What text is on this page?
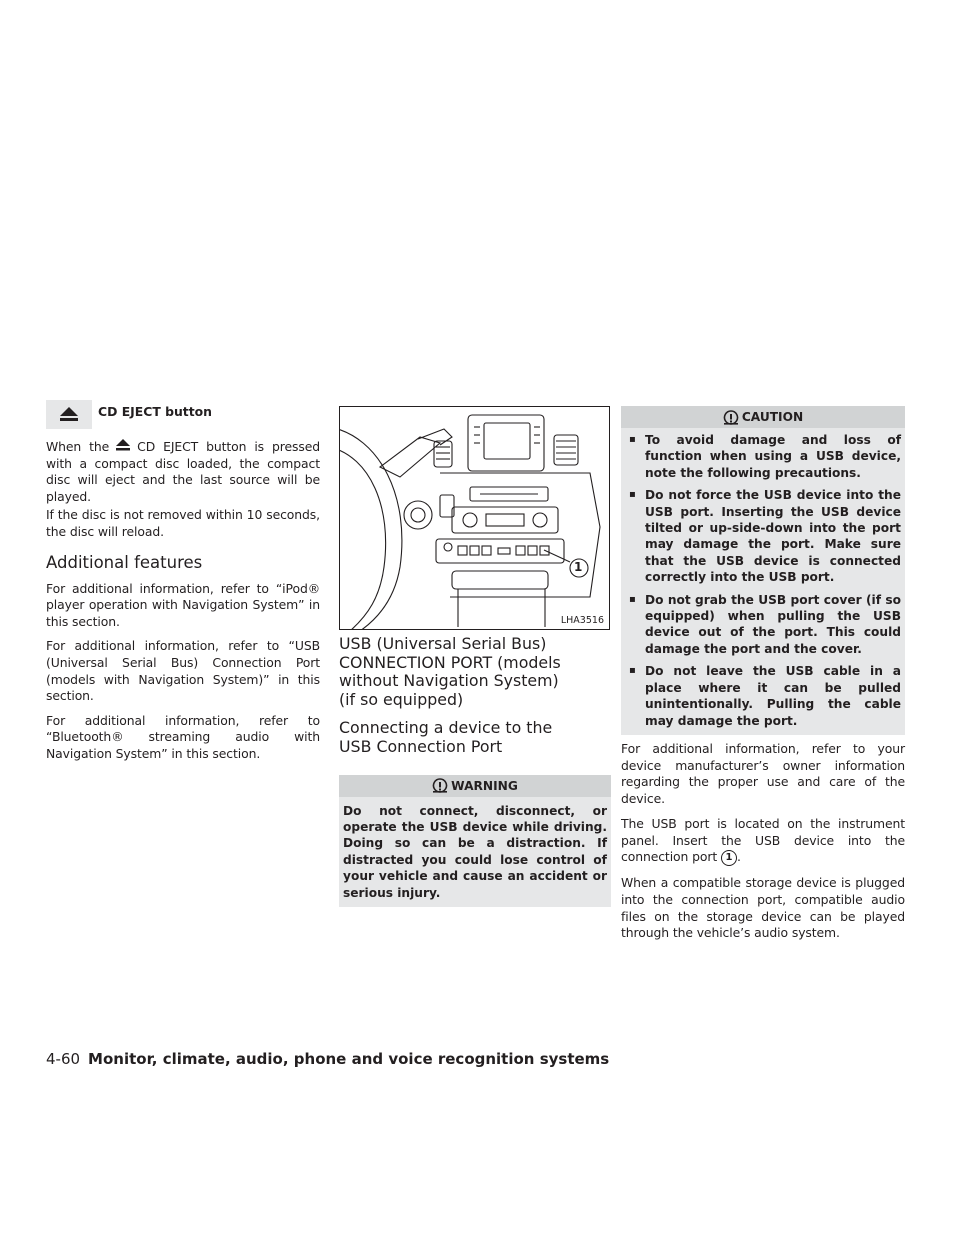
CD EJECT button

When the CD EJECT button is pressed with a compact disc loaded, the compact disc will eject and the last source will be played.

If the disc is not removed within 10 seconds, the disc will reload.

Additional features

For additional information, refer to “iPod® player operation with Navigation System” in this section.

For additional information, refer to “USB (Universal Serial Bus) Connection Port (models with Navigation System)” in this section.

For additional information, refer to “Bluetooth® streaming audio with Navigation System” in this section.

1
LHA3516
USB (Universal Serial Bus)
CONNECTION PORT (models
without Navigation System)
(if so equipped)
Connecting a device to the
USB Connection Port
WARNING
Do not connect, disconnect, or operate the USB device while driving. Doing so can be a distraction. If distracted you could lose control of your vehicle and cause an accident or serious injury.
CAUTION
▪ To avoid damage and loss of function when using a USB device, note the following precautions.
▪ Do not force the USB device into the USB port. Inserting the USB device tilted or up-side-down into the port may damage the port. Make sure that the USB device is connected correctly into the USB port.
▪ Do not grab the USB port cover (if so equipped) when pulling the USB device out of the port. This could damage the port and the cover.
▪ Do not leave the USB cable in a place where it can be pulled unintentionally. Pulling the cable may damage the port.

For additional information, refer to your device manufacturer’s owner information regarding the proper use and care of the device.

The USB port is located on the instrument panel. Insert the USB device into the connection port 1 .

When a compatible storage device is plugged into the connection port, compatible audio files on the storage device can be played through the vehicle’s audio system.

4-60 Monitor, climate, audio, phone and voice recognition systems
